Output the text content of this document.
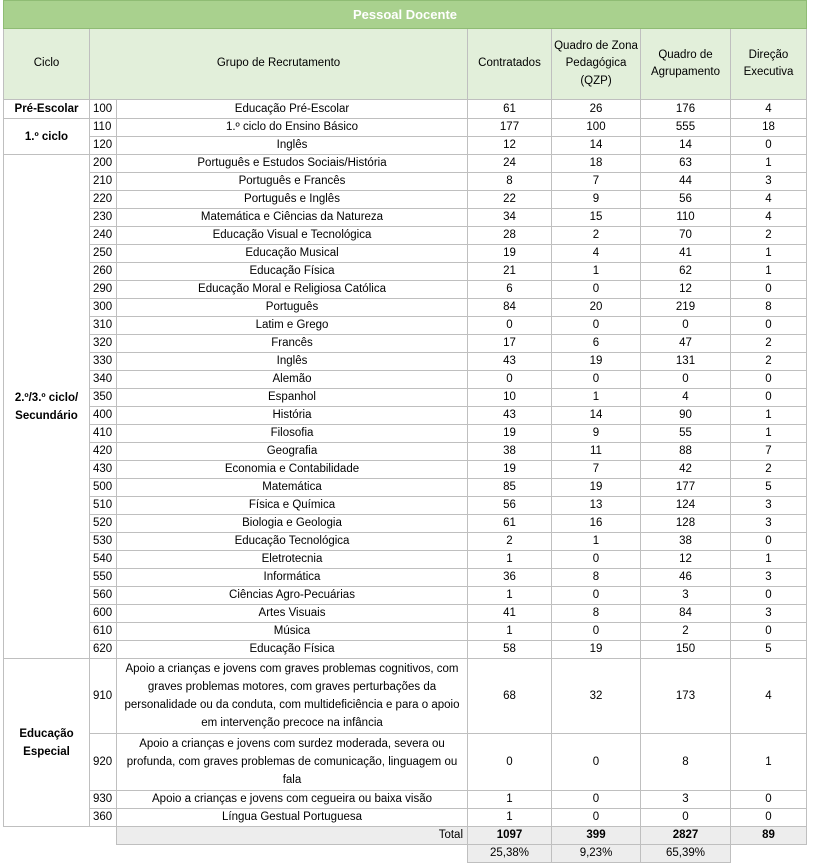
Pessoal Docente						
Ciclo	Grupo de Recrutamento		Contratados	Quadro de Zona Pedagógica (QZP)	Quadro de Agrupamento	Direção Executiva
Pré-Escolar	100	Educação Pré-Escolar	61	26	176	4
1.º ciclo	110	1.º ciclo do Ensino Básico	177	100	555	18
	120	Inglês	12	14	14	0
2.º/3.º ciclo/ Secundário	200	Português e Estudos Sociais/História	24	18	63	1
	210	Português e Francês	8	7	44	3
	220	Português e Inglês	22	9	56	4
	230	Matemática e Ciências da Natureza	34	15	110	4
	240	Educação Visual e Tecnológica	28	2	70	2
	250	Educação Musical	19	4	41	1
	260	Educação Física	21	1	62	1
	290	Educação Moral e Religiosa Católica	6	0	12	0
	300	Português	84	20	219	8
	310	Latim e Grego	0	0	0	0
	320	Francês	17	6	47	2
	330	Inglês	43	19	131	2
	340	Alemão	0	0	0	0
	350	Espanhol	10	1	4	0
	400	História	43	14	90	1
	410	Filosofia	19	9	55	1
	420	Geografia	38	11	88	7
	430	Economia e Contabilidade	19	7	42	2
	500	Matemática	85	19	177	5
	510	Física e Química	56	13	124	3
	520	Biologia e Geologia	61	16	128	3
	530	Educação Tecnológica	2	1	38	0
	540	Eletrotecnia	1	0	12	1
	550	Informática	36	8	46	3
	560	Ciências Agro-Pecuárias	1	0	3	0
	600	Artes Visuais	41	8	84	3
	610	Música	1	0	2	0
	620	Educação Física	58	19	150	5
Educação Especial	910	Apoio a crianças e jovens com graves problemas cognitivos, com graves problemas motores, com graves perturbações da personalidade ou da conduta, com multideficiência e para o apoio em intervenção precoce na infância	68	32	173	4
	920	Apoio a crianças e jovens com surdez moderada, severa ou profunda, com graves problemas de comunicação, linguagem ou fala	0	0	8	1
	930	Apoio a crianças e jovens com cegueira ou baixa visão	1	0	3	0
	360	Língua Gestual Portuguesa	1	0	0	0
		Total	1097	399	2827	89
			25,38%	9,23%	65,39%	
